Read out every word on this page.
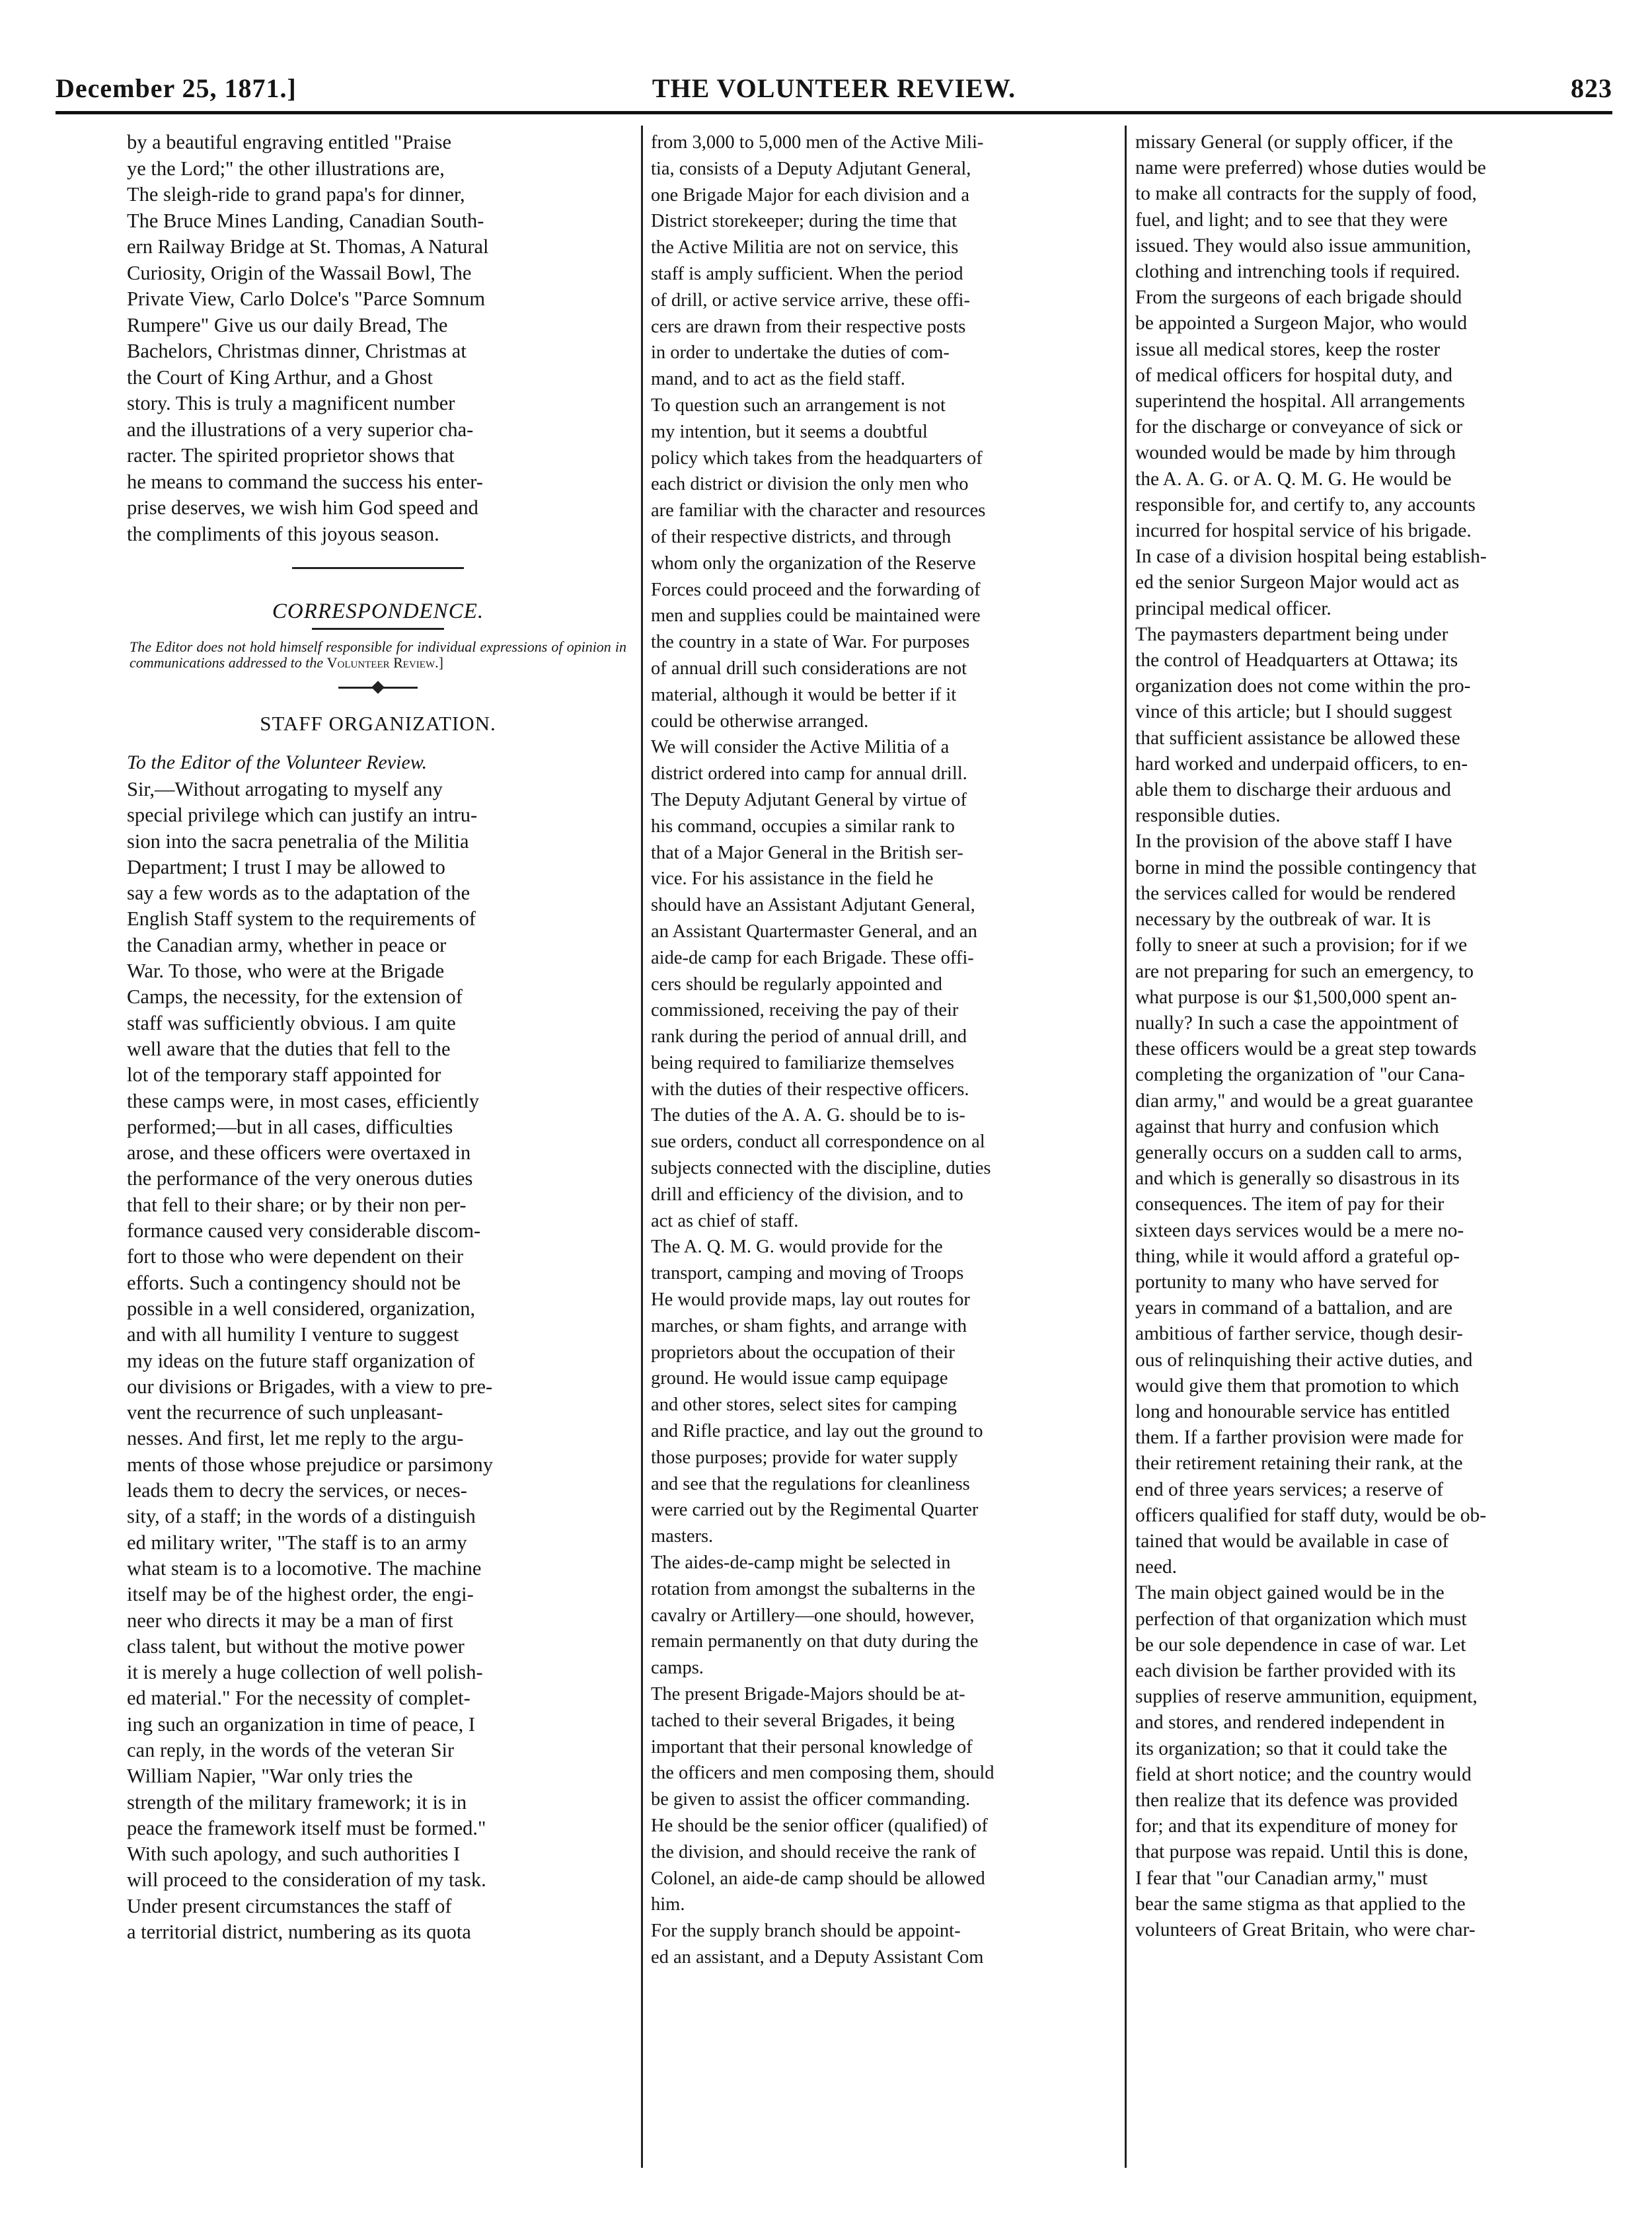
December 25, 1871.]	THE VOLUNTEER REVIEW.	823

by a beautiful engraving entitled "Praise
ye the Lord;" the other illustrations are,
The sleigh-ride to grand papa's for dinner,
The Bruce Mines Landing, Canadian South-
ern Railway Bridge at St. Thomas, A Natural
Curiosity, Origin of the Wassail Bowl, The
Private View, Carlo Dolce's "Parce Somnum
Rumpere" Give us our daily Bread, The
Bachelors, Christmas dinner, Christmas at
the Court of King Arthur, and a Ghost
story. This is truly a magnificent number
and the illustrations of a very superior cha-
racter. The spirited proprietor shows that
he means to command the success his enter-
prise deserves, we wish him God speed and
the compliments of this joyous season.

CORRESPONDENCE.
The Editor does not hold himself responsible for individual expressions of opinion in communications addressed to the Volunteer Review.]
STAFF ORGANIZATION.
To the Editor of the Volunteer Review.

Sir,—Without arrogating to myself any
special privilege which can justify an intru-
sion into the sacra penetralia of the Militia
Department; I trust I may be allowed to
say a few words as to the adaptation of the
English Staff system to the requirements of
the Canadian army, whether in peace or
War. To those, who were at the Brigade
Camps, the necessity, for the extension of
staff was sufficiently obvious. I am quite
well aware that the duties that fell to the
lot of the temporary staff appointed for
these camps were, in most cases, efficiently
performed;—but in all cases, difficulties
arose, and these officers were overtaxed in
the performance of the very onerous duties
that fell to their share; or by their non per-
formance caused very considerable discom-
fort to those who were dependent on their
efforts. Such a contingency should not be
possible in a well considered, organization,
and with all humility I venture to suggest
my ideas on the future staff organization of
our divisions or Brigades, with a view to pre-
vent the recurrence of such unpleasant-
nesses. And first, let me reply to the argu-
ments of those whose prejudice or parsimony
leads them to decry the services, or neces-
sity, of a staff; in the words of a distinguish
ed military writer, "The staff is to an army
what steam is to a locomotive. The machine
itself may be of the highest order, the engi-
neer who directs it may be a man of first
class talent, but without the motive power
it is merely a huge collection of well polish-
ed material." For the necessity of complet-
ing such an organization in time of peace, I
can reply, in the words of the veteran Sir
William Napier, "War only tries the
strength of the military framework; it is in
peace the framework itself must be formed."
With such apology, and such authorities I
will proceed to the consideration of my task.
Under present circumstances the staff of
a territorial district, numbering as its quota

from 3,000 to 5,000 men of the Active Mili-
tia, consists of a Deputy Adjutant General,
one Brigade Major for each division and a
District storekeeper; during the time that
the Active Militia are not on service, this
staff is amply sufficient. When the period
of drill, or active service arrive, these offi-
cers are drawn from their respective posts
in order to undertake the duties of com-
mand, and to act as the field staff.
To question such an arrangement is not
my intention, but it seems a doubtful
policy which takes from the headquarters of
each district or division the only men who
are familiar with the character and resources
of their respective districts, and through
whom only the organization of the Reserve
Forces could proceed and the forwarding of
men and supplies could be maintained were
the country in a state of War. For purposes
of annual drill such considerations are not
material, although it would be better if it
could be otherwise arranged.
We will consider the Active Militia of a
district ordered into camp for annual drill.
The Deputy Adjutant General by virtue of
his command, occupies a similar rank to
that of a Major General in the British ser-
vice. For his assistance in the field he
should have an Assistant Adjutant General,
an Assistant Quartermaster General, and an
aide-de camp for each Brigade. These offi-
cers should be regularly appointed and
commissioned, receiving the pay of their
rank during the period of annual drill, and
being required to familiarize themselves
with the duties of their respective officers.
The duties of the A. A. G. should be to is-
sue orders, conduct all correspondence on al
subjects connected with the discipline, duties
drill and efficiency of the division, and to
act as chief of staff.
The A. Q. M. G. would provide for the
transport, camping and moving of Troops
He would provide maps, lay out routes for
marches, or sham fights, and arrange with
proprietors about the occupation of their
ground. He would issue camp equipage
and other stores, select sites for camping
and Rifle practice, and lay out the ground to
those purposes; provide for water supply
and see that the regulations for cleanliness
were carried out by the Regimental Quarter
masters.
The aides-de-camp might be selected in
rotation from amongst the subalterns in the
cavalry or Artillery—one should, however,
remain permanently on that duty during the
camps.
The present Brigade-Majors should be at-
tached to their several Brigades, it being
important that their personal knowledge of
the officers and men composing them, should
be given to assist the officer commanding.
He should be the senior officer (qualified) of
the division, and should receive the rank of
Colonel, an aide-de camp should be allowed
him.
For the supply branch should be appoint-
ed an assistant, and a Deputy Assistant Com

missary General (or supply officer, if the
name were preferred) whose duties would be
to make all contracts for the supply of food,
fuel, and light; and to see that they were
issued. They would also issue ammunition,
clothing and intrenching tools if required.
From the surgeons of each brigade should
be appointed a Surgeon Major, who would
issue all medical stores, keep the roster
of medical officers for hospital duty, and
superintend the hospital. All arrangements
for the discharge or conveyance of sick or
wounded would be made by him through
the A. A. G. or A. Q. M. G. He would be
responsible for, and certify to, any accounts
incurred for hospital service of his brigade.
In case of a division hospital being establish-
ed the senior Surgeon Major would act as
principal medical officer.
The paymasters department being under
the control of Headquarters at Ottawa; its
organization does not come within the pro-
vince of this article; but I should suggest
that sufficient assistance be allowed these
hard worked and underpaid officers, to en-
able them to discharge their arduous and
responsible duties.
In the provision of the above staff I have
borne in mind the possible contingency that
the services called for would be rendered
necessary by the outbreak of war. It is
folly to sneer at such a provision; for if we
are not preparing for such an emergency, to
what purpose is our $1,500,000 spent an-
nually? In such a case the appointment of
these officers would be a great step towards
completing the organization of "our Cana-
dian army," and would be a great guarantee
against that hurry and confusion which
generally occurs on a sudden call to arms,
and which is generally so disastrous in its
consequences. The item of pay for their
sixteen days services would be a mere no-
thing, while it would afford a grateful op-
portunity to many who have served for
years in command of a battalion, and are
ambitious of farther service, though desir-
ous of relinquishing their active duties, and
would give them that promotion to which
long and honourable service has entitled
them. If a farther provision were made for
their retirement retaining their rank, at the
end of three years services; a reserve of
officers qualified for staff duty, would be ob-
tained that would be available in case of
need.
The main object gained would be in the
perfection of that organization which must
be our sole dependence in case of war. Let
each division be farther provided with its
supplies of reserve ammunition, equipment,
and stores, and rendered independent in
its organization; so that it could take the
field at short notice; and the country would
then realize that its defence was provided
for; and that its expenditure of money for
that purpose was repaid. Until this is done,
I fear that "our Canadian army," must
bear the same stigma as that applied to the
volunteers of Great Britain, who were char-
